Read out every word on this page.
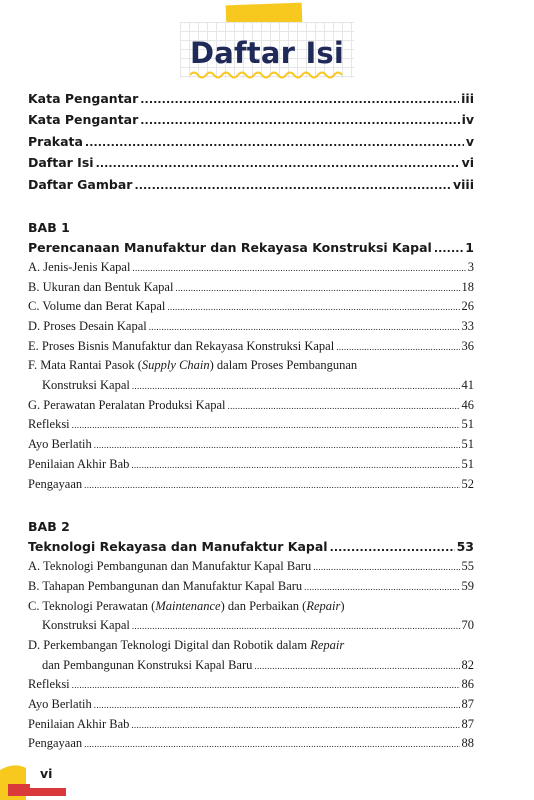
Daftar Isi
Kata Pengantar .....	iii
Kata Pengantar .....	iv
Prakata .....	v
Daftar Isi .....	vi
Daftar Gambar .....	viii
BAB 1
Perencanaan Manufaktur dan Rekayasa Konstruksi Kapal .....	1
A. Jenis-Jenis Kapal .....	3
B. Ukuran dan Bentuk Kapal .....	18
C. Volume dan Berat Kapal .....	26
D. Proses Desain Kapal .....	33
E. Proses Bisnis Manufaktur dan Rekayasa Konstruksi Kapal .....	36
F. Mata Rantai Pasok (Supply Chain) dalam Proses Pembangunan
Konstruksi Kapal .....	41
G. Perawatan Peralatan Produksi Kapal .....	46
Refleksi .....	51
Ayo Berlatih .....	51
Penilaian Akhir Bab .....	51
Pengayaan .....	52
BAB 2
Teknologi Rekayasa dan Manufaktur Kapal .....	53
A. Teknologi Pembangunan dan Manufaktur Kapal Baru .....	55
B. Tahapan Pembangunan dan Manufaktur Kapal Baru .....	59
C. Teknologi Perawatan (Maintenance) dan Perbaikan (Repair)
Konstruksi Kapal .....	70
D. Perkembangan Teknologi Digital dan Robotik dalam Repair
dan Pembangunan Konstruksi Kapal Baru .....	82
Refleksi .....	86
Ayo Berlatih .....	87
Penilaian Akhir Bab .....	87
Pengayaan .....	88
vi
